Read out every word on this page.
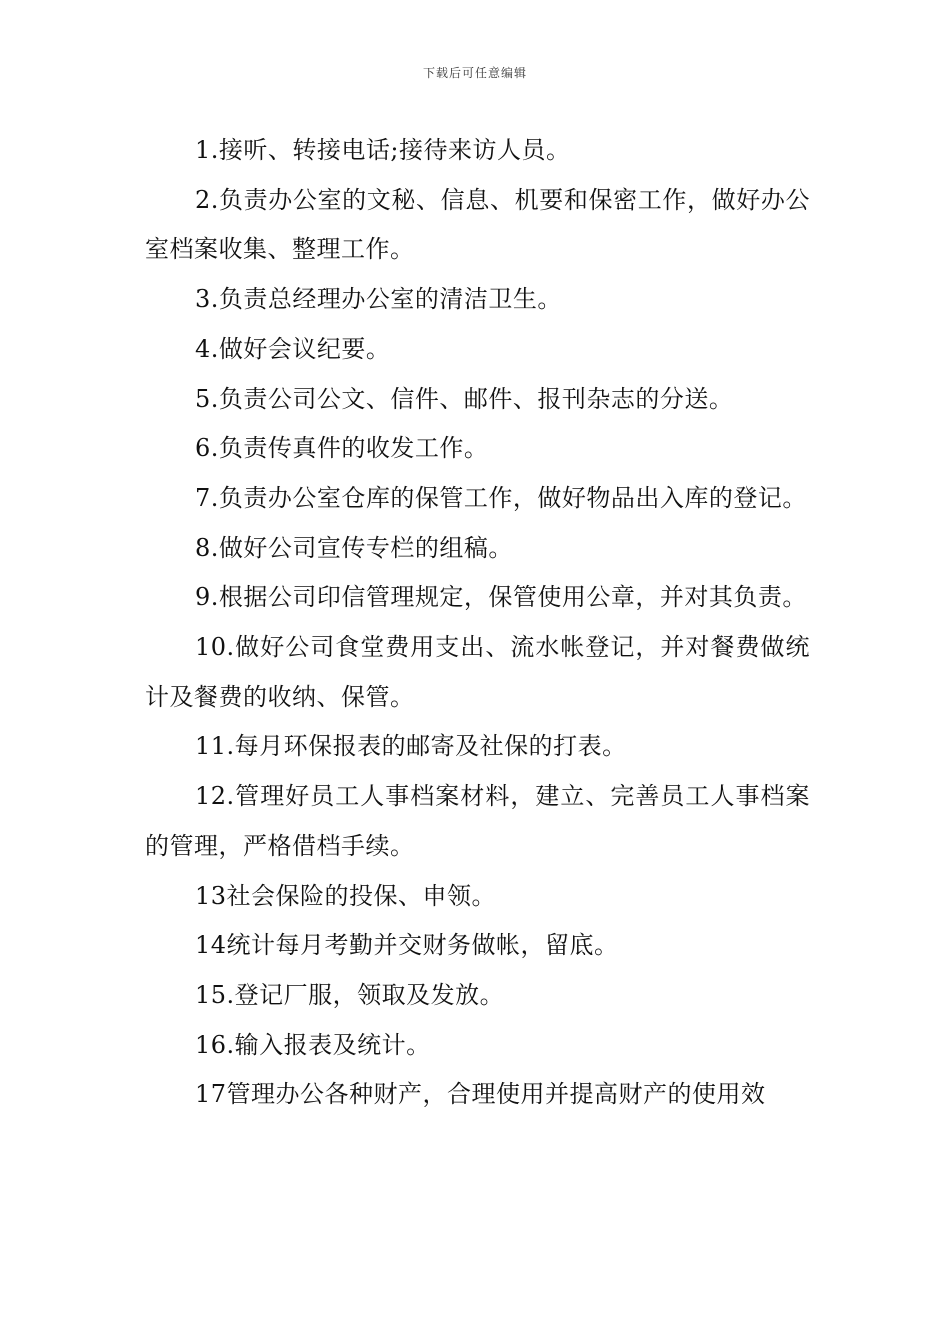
下载后可任意编辑

1.接听、转接电话;接待来访人员。

2.负责办公室的文秘、信息、机要和保密工作，做好办公室档案收集、整理工作。

3.负责总经理办公室的清洁卫生。

4.做好会议纪要。

5.负责公司公文、信件、邮件、报刊杂志的分送。

6.负责传真件的收发工作。

7.负责办公室仓库的保管工作，做好物品出入库的登记。

8.做好公司宣传专栏的组稿。

9.根据公司印信管理规定，保管使用公章，并对其负责。

10.做好公司食堂费用支出、流水帐登记，并对餐费做统计及餐费的收纳、保管。

11.每月环保报表的邮寄及社保的打表。

12.管理好员工人事档案材料，建立、完善员工人事档案的管理，严格借档手续。

13社会保险的投保、申领。

14统计每月考勤并交财务做帐，留底。

15.登记厂服，领取及发放。

16.输入报表及统计。

17管理办公各种财产，合理使用并提高财产的使用效
